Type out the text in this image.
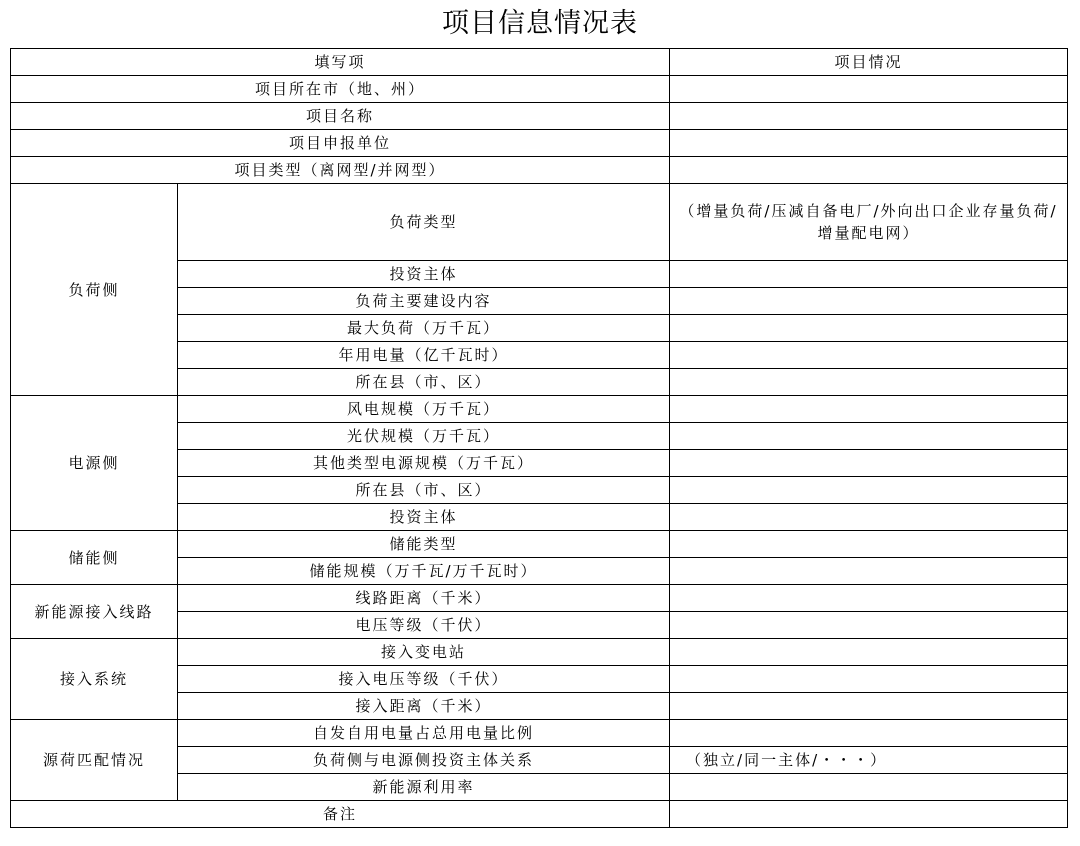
项目信息情况表
填写项		项目情况
项目所在市（地、州）		
项目名称		
项目申报单位		
项目类型（离网型/并网型）		
负荷侧	负荷类型	（增量负荷/压减自备电厂/外向出口企业存量负荷/增量配电网）
	投资主体	
	负荷主要建设内容	
	最大负荷（万千瓦）	
	年用电量（亿千瓦时）	
	所在县（市、区）	
电源侧	风电规模（万千瓦）	
	光伏规模（万千瓦）	
	其他类型电源规模（万千瓦）	
	所在县（市、区）	
	投资主体	
储能侧	储能类型	
	储能规模（万千瓦/万千瓦时）	
新能源接入线路	线路距离（千米）	
	电压等级（千伏）	
接入系统	接入变电站	
	接入电压等级（千伏）	
	接入距离（千米）	
源荷匹配情况	自发自用电量占总用电量比例	
	负荷侧与电源侧投资主体关系	（独立/同一主体/・・・）
	新能源利用率	
备注		
